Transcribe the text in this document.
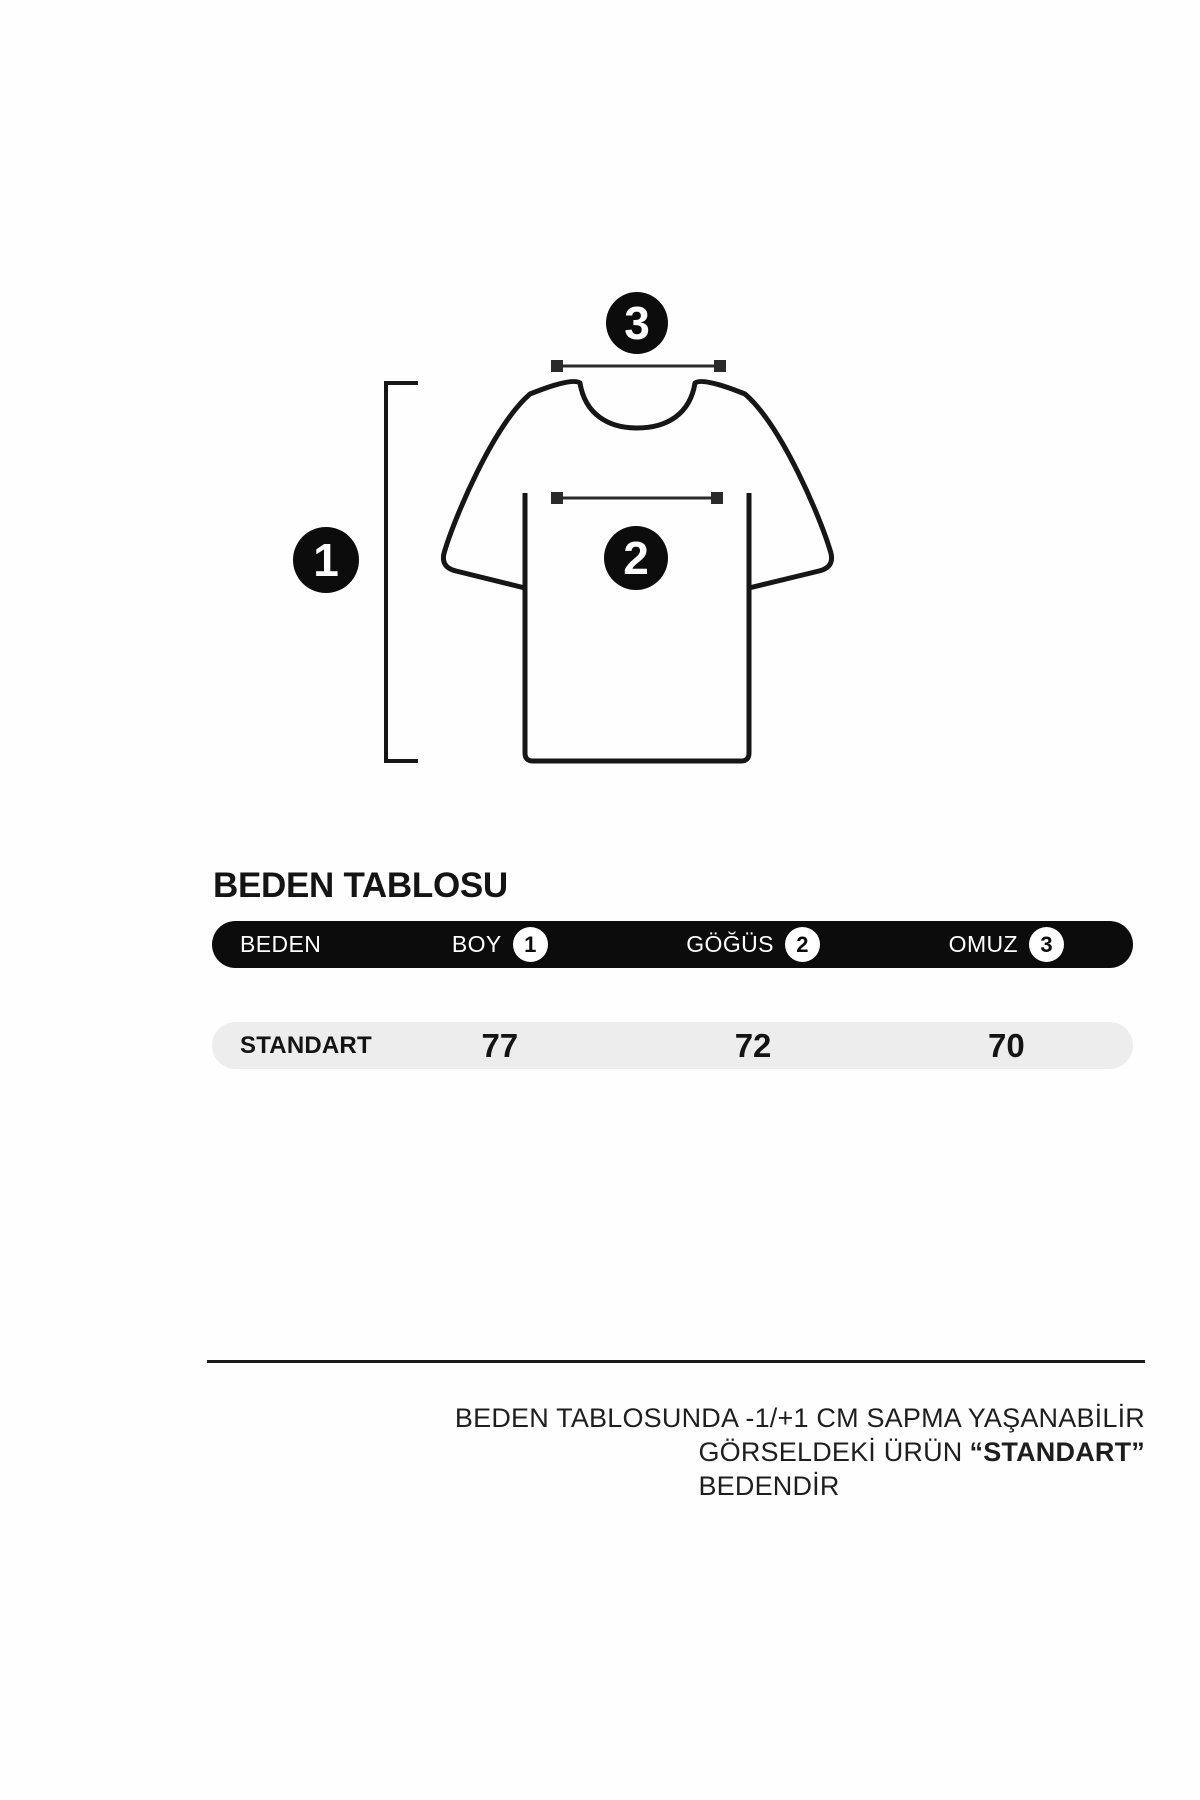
1	2
3
BEDEN TABLOSU
BEDEN	BOY	1	GÖĞÜS	2	OMUZ	3
STANDART	77	72	70
BEDEN TABLOSUNDA -1/+1 CM SAPMA YAŞANABİLİR
GÖRSELDEKİ ÜRÜN “STANDART”
BEDENDİR
